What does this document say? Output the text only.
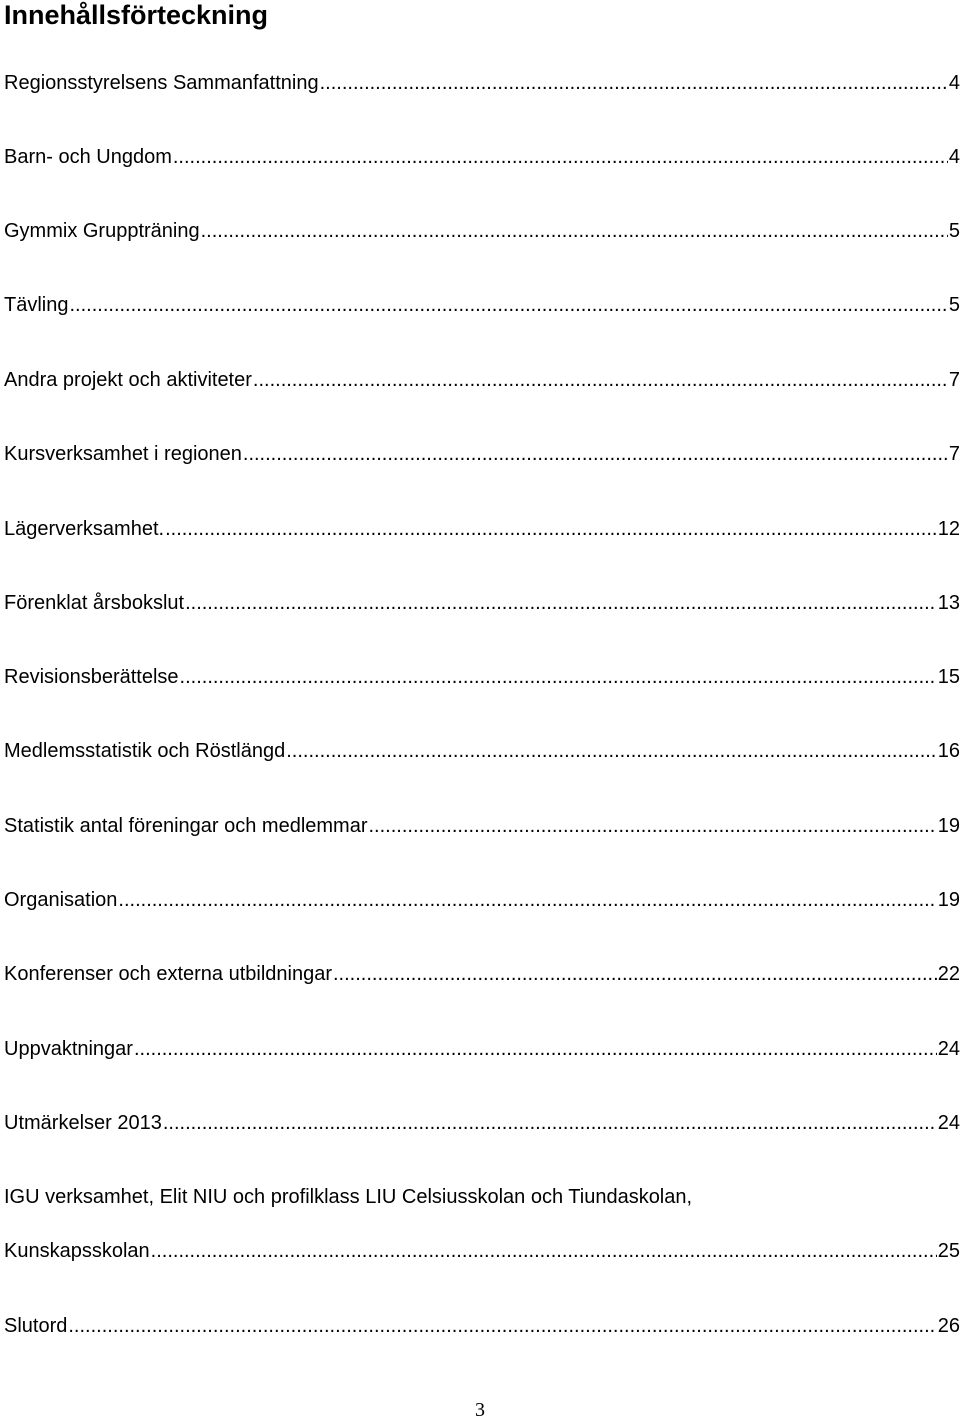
Innehållsförteckning
Regionsstyrelsens Sammanfattning .....	4
Barn- och Ungdom .....	4
Gymmix Gruppträning .....	5
Tävling .....	5
Andra projekt och aktiviteter .....	7
Kursverksamhet i regionen .....	7
Lägerverksamhet. .....	12
Förenklat årsbokslut .....	13
Revisionsberättelse .....	15
Medlemsstatistik och Röstlängd .....	16
Statistik antal föreningar och medlemmar .....	19
Organisation .....	19
Konferenser och externa utbildningar .....	22
Uppvaktningar .....	24
Utmärkelser 2013 .....	24
IGU verksamhet, Elit NIU och profilklass LIU Celsiusskolan och Tiundaskolan,
Kunskapsskolan .....	25
Slutord .....	26
3
